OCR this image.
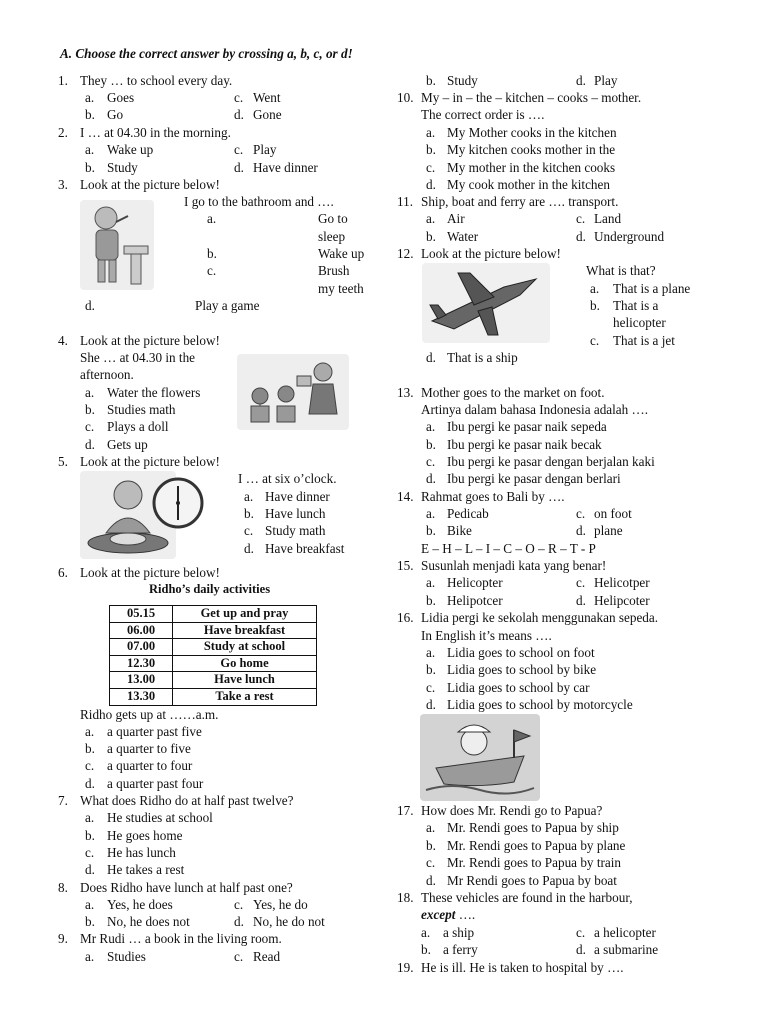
A. Choose the correct answer by crossing a, b, c, or d!
1. They … to school every day.
a. Goes	c. Went
b. Go	d. Gone
2. I … at 04.30 in the morning.
a. Wake up	c. Play
b. Study	d. Have dinner
3. Look at the picture below!
I go to the bathroom and ….
a.	Go to
sleep
b.	Wake up
c.	Brush
my teeth
d.	Play a game
4. Look at the picture below!
She … at 04.30 in the
afternoon.
a. Water the flowers
b. Studies math
c. Plays a doll
d. Gets up
5. Look at the picture below!
I … at six o’clock.
a. Have dinner
b. Have lunch
c. Study math
d. Have breakfast
6. Look at the picture below!
Ridho’s daily activities
05.15	Get up and pray
06.00	Have breakfast
07.00	Study at school
12.30	Go home
13.00	Have lunch
13.30	Take a rest
Ridho gets up at ……a.m.
a. a quarter past five
b. a quarter to five
c. a quarter to four
d. a quarter past four
7. What does Ridho do at half past twelve?
a. He studies at school
b. He goes home
c. He has lunch
d. He takes a rest
8. Does Ridho have lunch at half past one?
a. Yes, he does	c. Yes, he do
b. No, he does not	d. No, he do not
9. Mr Rudi … a book in the living room.
a. Studies	c. Read
b. Study	d. Play
10. My – in – the – kitchen – cooks – mother.
The correct order is ….
a. My Mother cooks in the kitchen
b. My kitchen cooks mother in the
c. My mother in the kitchen cooks
d. My cook mother in the kitchen
11. Ship, boat and ferry are …. transport.
a. Air	c. Land
b. Water	d. Underground
12. Look at the picture below!
What is that?
a. That is a plane
b. That is a
helicopter
c. That is a jet
d. That is a ship
13. Mother goes to the market on foot.
Artinya dalam bahasa Indonesia adalah ….
a. Ibu pergi ke pasar naik sepeda
b. Ibu pergi ke pasar naik becak
c. Ibu pergi ke pasar dengan berjalan kaki
d. Ibu pergi ke pasar dengan berlari
14. Rahmat goes to Bali by ….
a. Pedicab	c. on foot
b. Bike	d. plane
E – H – L – I – C – O – R – T - P
15. Susunlah menjadi kata yang benar!
a. Helicopter	c. Helicotper
b. Helipotcer	d. Helipcoter
16. Lidia pergi ke sekolah menggunakan sepeda.
In English it’s means ….
a. Lidia goes to school on foot
b. Lidia goes to school by bike
c. Lidia goes to school by car
d. Lidia goes to school by motorcycle
17. How does Mr. Rendi go to Papua?
a. Mr. Rendi goes to Papua by ship
b. Mr. Rendi goes to Papua by plane
c. Mr. Rendi goes to Papua by train
d. Mr Rendi goes to Papua by boat
18. These vehicles are found in the harbour,
except ….
a. a ship	c. a helicopter
b. a ferry	d. a submarine
19. He is ill. He is taken to hospital by ….
